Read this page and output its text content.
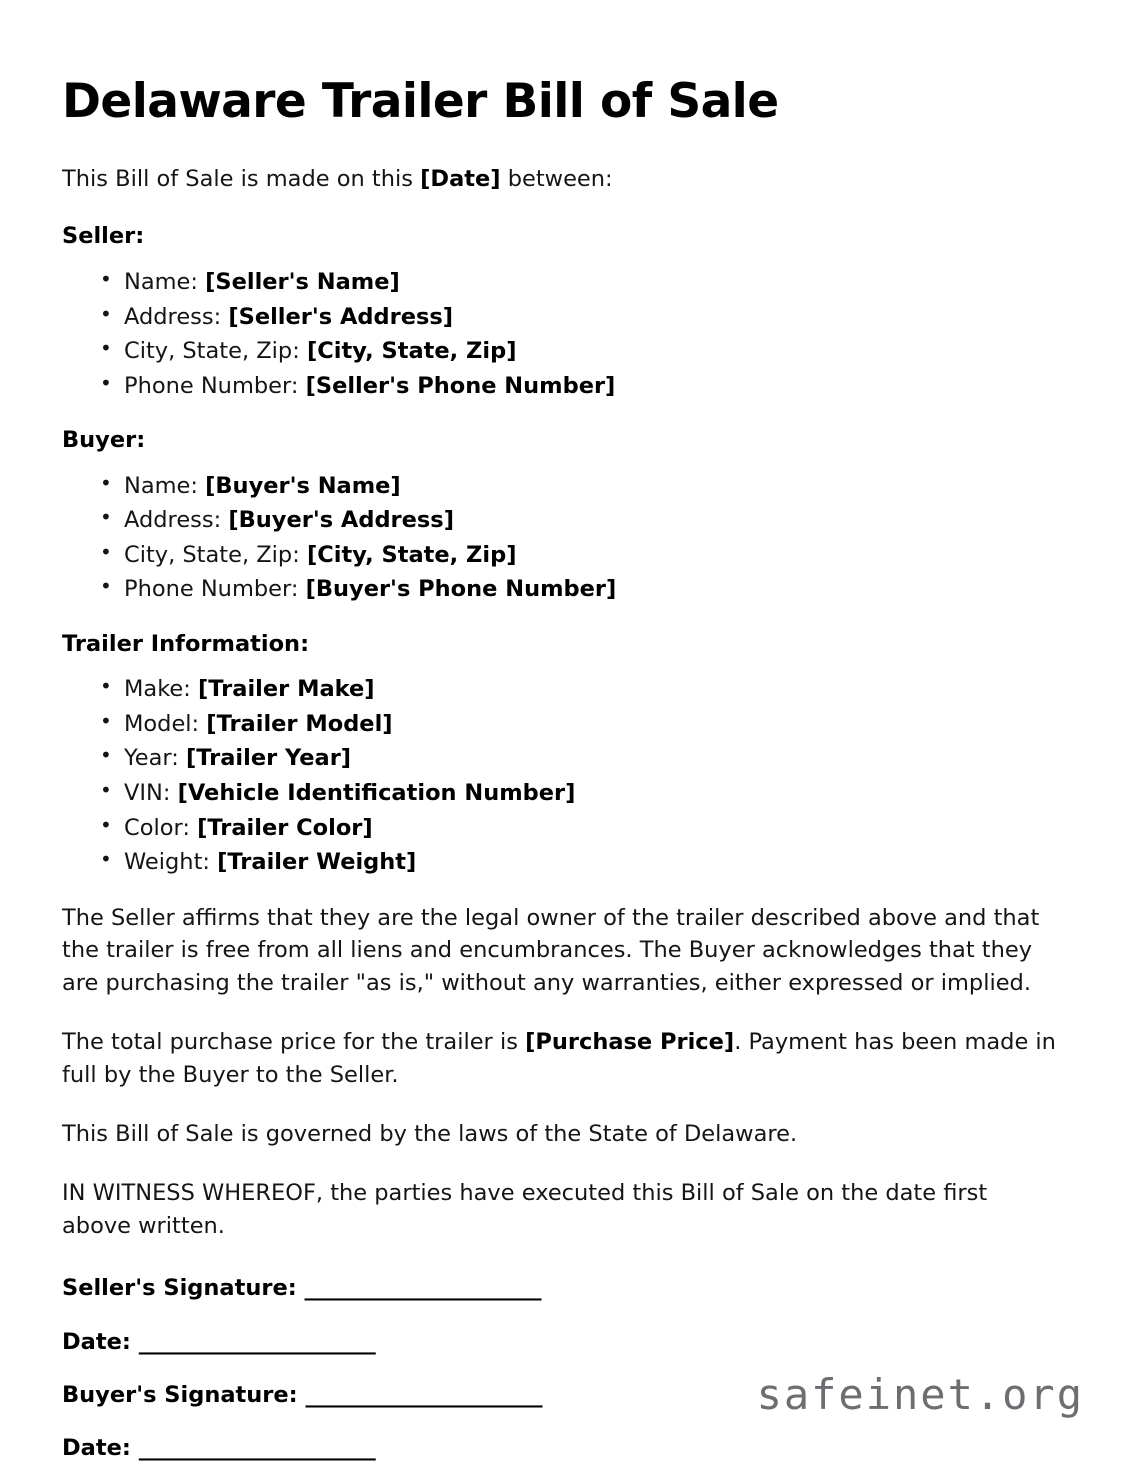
Delaware Trailer Bill of Sale

This Bill of Sale is made on this [Date] between:

Seller:

• Name: [Seller's Name]
• Address: [Seller's Address]
• City, State, Zip: [City, State, Zip]
• Phone Number: [Seller's Phone Number]

Buyer:

• Name: [Buyer's Name]
• Address: [Buyer's Address]
• City, State, Zip: [City, State, Zip]
• Phone Number: [Buyer's Phone Number]

Trailer Information:

• Make: [Trailer Make]
• Model: [Trailer Model]
• Year: [Trailer Year]
• VIN: [Vehicle Identification Number]
• Color: [Trailer Color]
• Weight: [Trailer Weight]

The Seller affirms that they are the legal owner of the trailer described above and that the trailer is free from all liens and encumbrances. The Buyer acknowledges that they are purchasing the trailer "as is," without any warranties, either expressed or implied.

The total purchase price for the trailer is [Purchase Price]. Payment has been made in full by the Buyer to the Seller.

This Bill of Sale is governed by the laws of the State of Delaware.

IN WITNESS WHEREOF, the parties have executed this Bill of Sale on the date first above written.

Seller's Signature: ______________________
Date: ______________________
Buyer's Signature: ______________________
Date: ______________________
safeinet.org
